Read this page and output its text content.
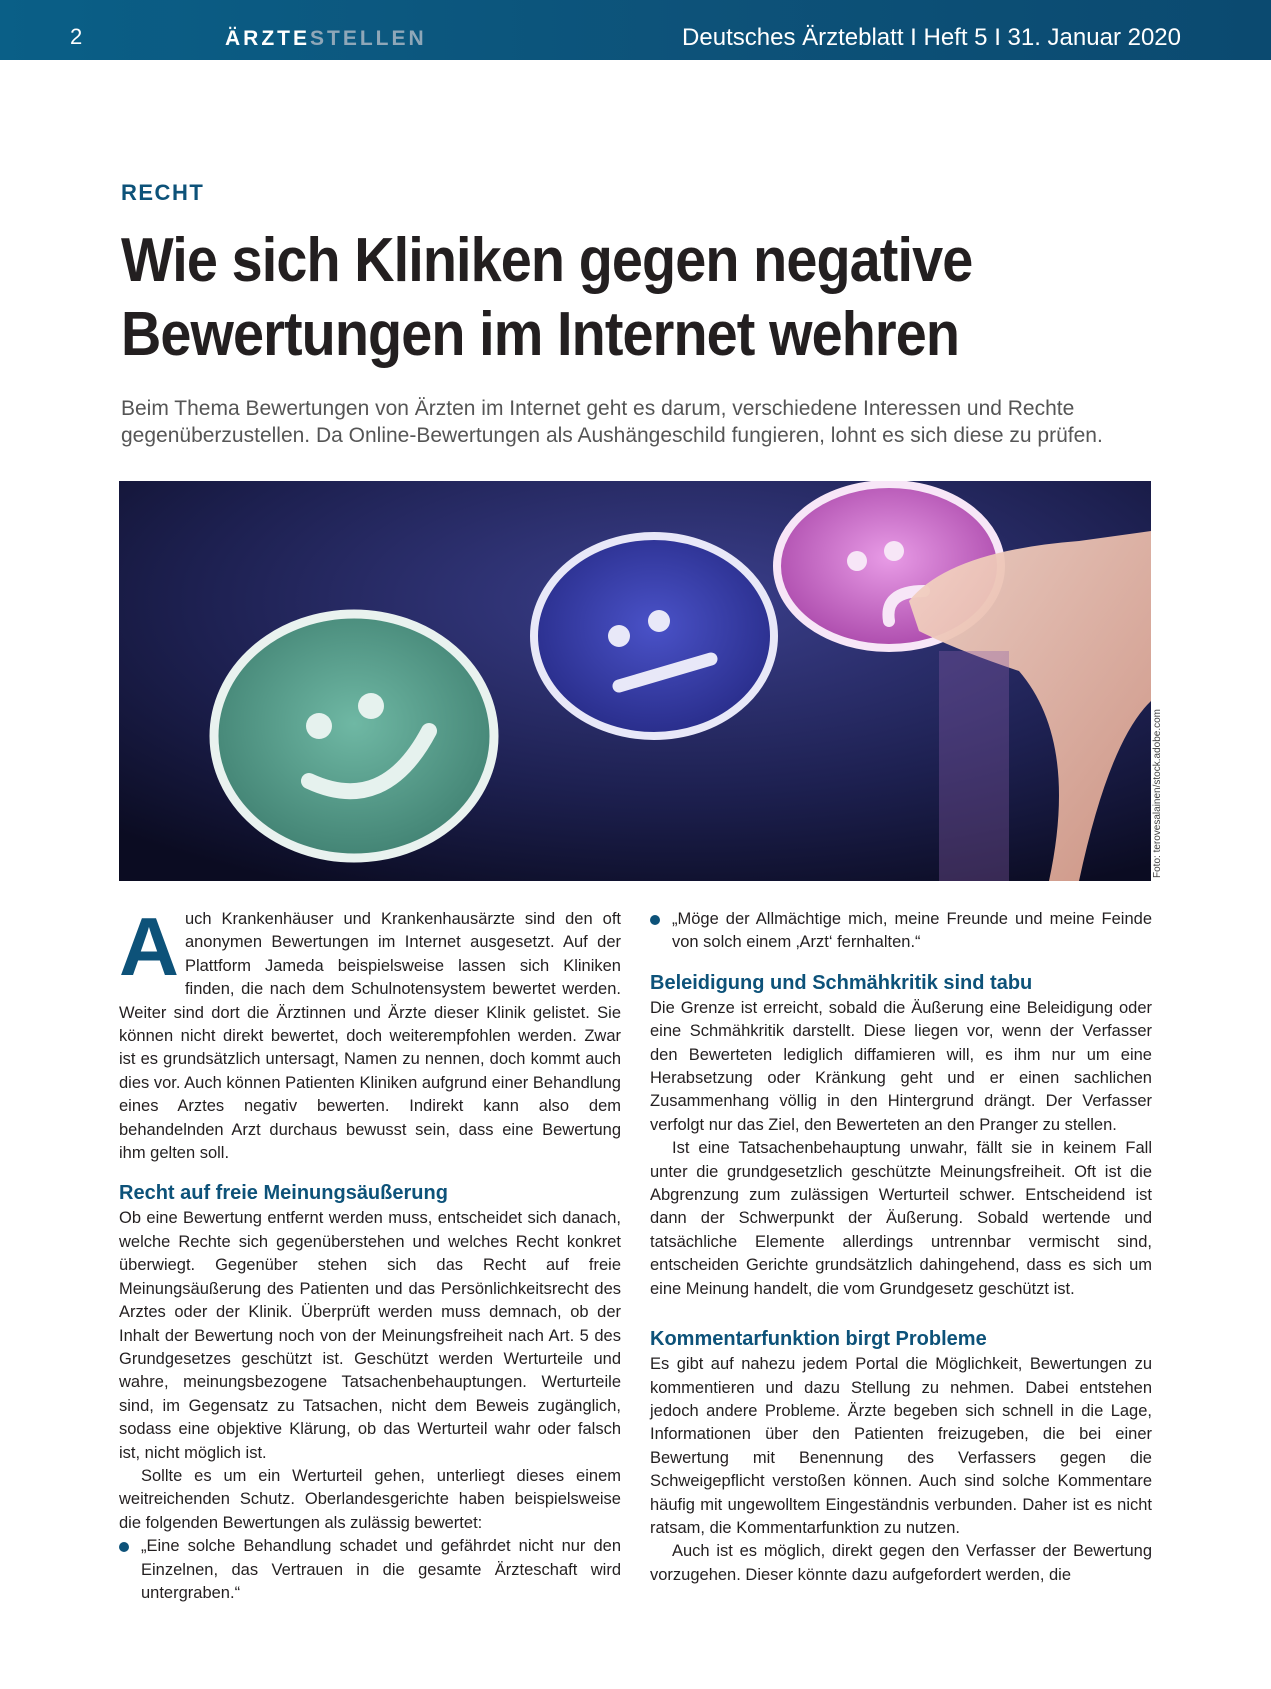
2	ÄRZTESTELLEN	Deutsches Ärzteblatt I Heft 5 I 31. Januar 2020
RECHT
Wie sich Kliniken gegen negative Bewertungen im Internet wehren

Beim Thema Bewertungen von Ärzten im Internet geht es darum, verschiedene Interessen und Rechte gegenüberzustellen. Da Online-Bewertungen als Aushängeschild fungieren, lohnt es sich diese zu prüfen.

Foto: terovesalainen/stock.adobe.com

Auch Krankenhäuser und Krankenhausärzte sind den oft anonymen Bewertungen im Internet ausgesetzt. Auf der Plattform Jameda beispielsweise lassen sich Kliniken finden, die nach dem Schulnotensystem bewertet werden. Weiter sind dort die Ärztinnen und Ärzte dieser Klinik gelistet. Sie können nicht direkt bewertet, doch weiterempfohlen werden. Zwar ist es grundsätzlich untersagt, Namen zu nennen, doch kommt auch dies vor. Auch können Patienten Kliniken aufgrund einer Behandlung eines Arztes negativ bewerten. Indirekt kann also dem behandelnden Arzt durchaus bewusst sein, dass eine Bewertung ihm gelten soll.

Recht auf freie Meinungsäußerung

Ob eine Bewertung entfernt werden muss, entscheidet sich danach, welche Rechte sich gegenüberstehen und welches Recht konkret überwiegt. Gegenüber stehen sich das Recht auf freie Meinungsäußerung des Patienten und das Persönlichkeitsrecht des Arztes oder der Klinik. Überprüft werden muss demnach, ob der Inhalt der Bewertung noch von der Meinungsfreiheit nach Art. 5 des Grundgesetzes geschützt ist. Geschützt werden Werturteile und wahre, meinungsbezogene Tatsachenbehauptungen. Werturteile sind, im Gegensatz zu Tatsachen, nicht dem Beweis zugänglich, sodass eine objektive Klärung, ob das Werturteil wahr oder falsch ist, nicht möglich ist.

Sollte es um ein Werturteil gehen, unterliegt dieses einem weitreichenden Schutz. Oberlandesgerichte haben beispielsweise die folgenden Bewertungen als zulässig bewertet:

„Eine solche Behandlung schadet und gefährdet nicht nur den Einzelnen, das Vertrauen in die gesamte Ärzteschaft wird untergraben.“
„Möge der Allmächtige mich, meine Freunde und meine Feinde von solch einem ‚Arzt‘ fernhalten.“
Beleidigung und Schmähkritik sind tabu

Die Grenze ist erreicht, sobald die Äußerung eine Beleidigung oder eine Schmähkritik darstellt. Diese liegen vor, wenn der Verfasser den Bewerteten lediglich diffamieren will, es ihm nur um eine Herabsetzung oder Kränkung geht und er einen sachlichen Zusammenhang völlig in den Hintergrund drängt. Der Verfasser verfolgt nur das Ziel, den Bewerteten an den Pranger zu stellen.

Ist eine Tatsachenbehauptung unwahr, fällt sie in keinem Fall unter die grundgesetzlich geschützte Meinungsfreiheit. Oft ist die Abgrenzung zum zulässigen Werturteil schwer. Entscheidend ist dann der Schwerpunkt der Äußerung. Sobald wertende und tatsächliche Elemente allerdings untrennbar vermischt sind, entscheiden Gerichte grundsätzlich dahingehend, dass es sich um eine Meinung handelt, die vom Grundgesetz geschützt ist.

Kommentarfunktion birgt Probleme

Es gibt auf nahezu jedem Portal die Möglichkeit, Bewertungen zu kommentieren und dazu Stellung zu nehmen. Dabei entstehen jedoch andere Probleme. Ärzte begeben sich schnell in die Lage, Informationen über den Patienten freizugeben, die bei einer Bewertung mit Benennung des Verfassers gegen die Schweigepflicht verstoßen können. Auch sind solche Kommentare häufig mit ungewolltem Eingeständnis verbunden. Daher ist es nicht ratsam, die Kommentarfunktion zu nutzen.

Auch ist es möglich, direkt gegen den Verfasser der Bewertung vorzugehen. Dieser könnte dazu aufgefordert werden, die
